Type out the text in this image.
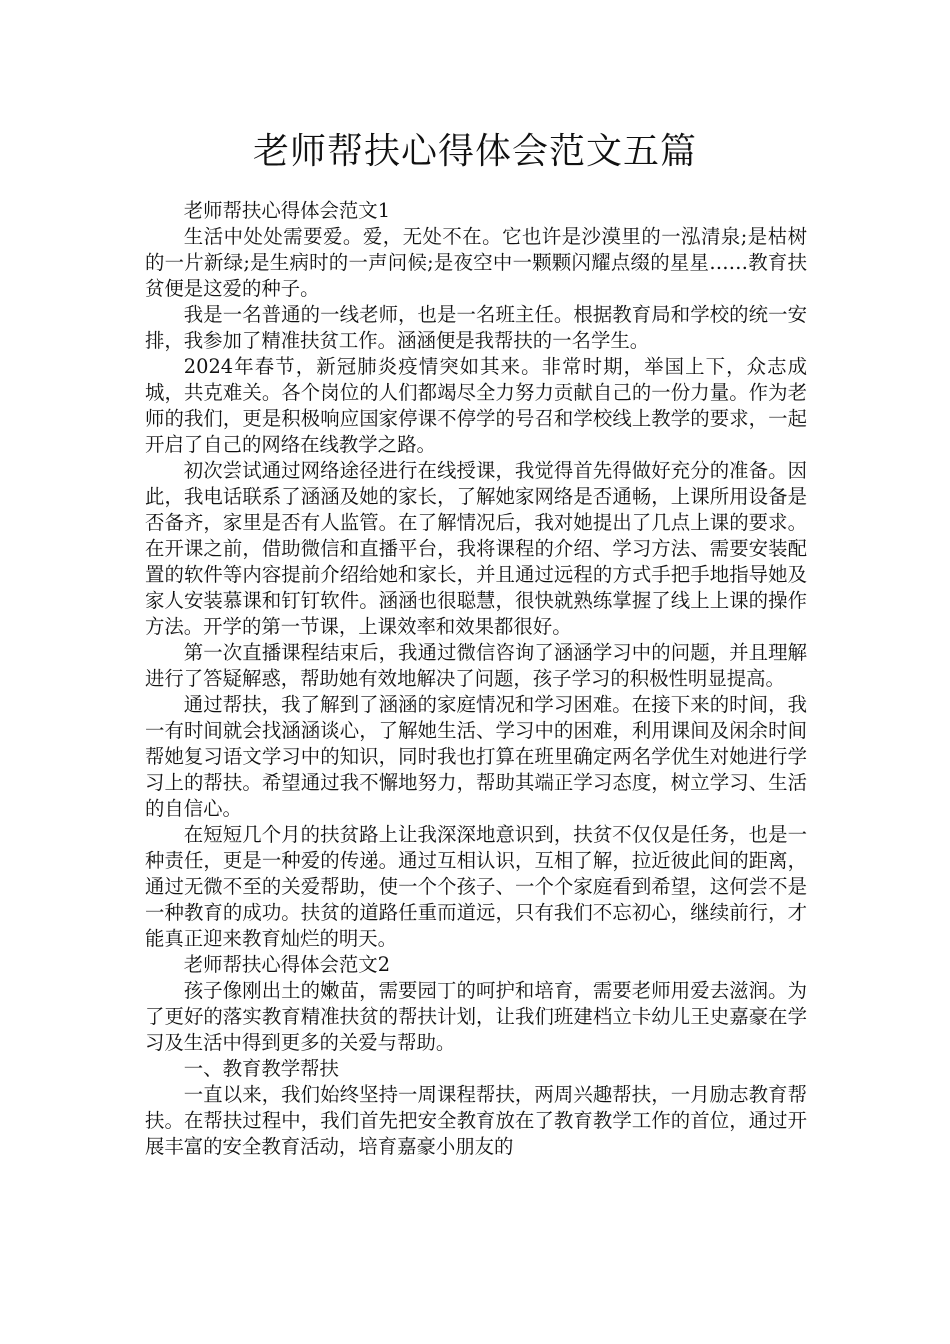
老师帮扶心得体会范文五篇

老师帮扶心得体会范文1

生活中处处需要爱。爱，无处不在。它也许是沙漠里的一泓清泉;是枯树的一片新绿;是生病时的一声问候;是夜空中一颗颗闪耀点缀的星星……教育扶贫便是这爱的种子。

我是一名普通的一线老师，也是一名班主任。根据教育局和学校的统一安排，我参加了精准扶贫工作。涵涵便是我帮扶的一名学生。

2024年春节，新冠肺炎疫情突如其来。非常时期，举国上下，众志成城，共克难关。各个岗位的人们都竭尽全力努力贡献自己的一份力量。作为老师的我们，更是积极响应国家停课不停学的号召和学校线上教学的要求，一起开启了自己的网络在线教学之路。

初次尝试通过网络途径进行在线授课，我觉得首先得做好充分的准备。因此，我电话联系了涵涵及她的家长，了解她家网络是否通畅，上课所用设备是否备齐，家里是否有人监管。在了解情况后，我对她提出了几点上课的要求。在开课之前，借助微信和直播平台，我将课程的介绍、学习方法、需要安装配置的软件等内容提前介绍给她和家长，并且通过远程的方式手把手地指导她及家人安装慕课和钉钉软件。涵涵也很聪慧，很快就熟练掌握了线上上课的操作方法。开学的第一节课，上课效率和效果都很好。

第一次直播课程结束后，我通过微信咨询了涵涵学习中的问题，并且理解进行了答疑解惑，帮助她有效地解决了问题，孩子学习的积极性明显提高。

通过帮扶，我了解到了涵涵的家庭情况和学习困难。在接下来的时间，我一有时间就会找涵涵谈心，了解她生活、学习中的困难，利用课间及闲余时间帮她复习语文学习中的知识，同时我也打算在班里确定两名学优生对她进行学习上的帮扶。希望通过我不懈地努力，帮助其端正学习态度，树立学习、生活的自信心。

在短短几个月的扶贫路上让我深深地意识到，扶贫不仅仅是任务，也是一种责任，更是一种爱的传递。通过互相认识，互相了解，拉近彼此间的距离，通过无微不至的关爱帮助，使一个个孩子、一个个家庭看到希望，这何尝不是一种教育的成功。扶贫的道路任重而道远，只有我们不忘初心，继续前行，才能真正迎来教育灿烂的明天。

老师帮扶心得体会范文2

孩子像刚出土的嫩苗，需要园丁的呵护和培育，需要老师用爱去滋润。为了更好的落实教育精准扶贫的帮扶计划，让我们班建档立卡幼儿王史嘉豪在学习及生活中得到更多的关爱与帮助。

一、教育教学帮扶

一直以来，我们始终坚持一周课程帮扶，两周兴趣帮扶，一月励志教育帮扶。在帮扶过程中，我们首先把安全教育放在了教育教学工作的首位，通过开展丰富的安全教育活动，培育嘉豪小朋友的
